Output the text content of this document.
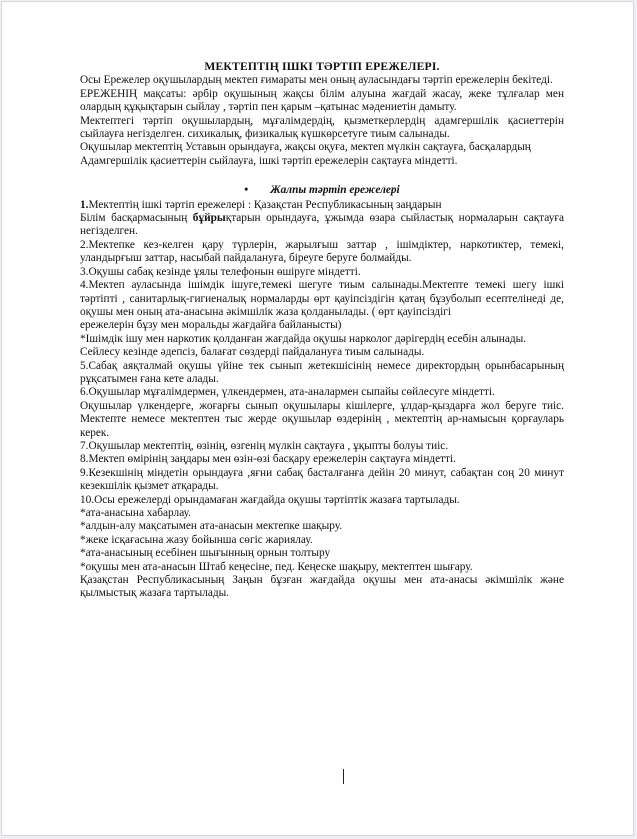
МЕКТЕПТІҢ ІШКІ ТӘРТІП ЕРЕЖЕЛЕРІ.

Осы Ережелер оқушылардың мектеп ғимараты мен оның ауласындағы тәртіп ережелерін бекітеді.

ЕРЕЖЕНІҢ мақсаты: әрбір оқушының жақсы білім алуына жағдай жасау, жеке тұлғалар мен олардың құқықтарын сыйлау , тәртіп пен қарым –қатынас мәдениетін дамыту.

Мектептегі тәртіп оқушылардың, мұғалімдердің, қызметкерлердің адамгершілік қасиеттерін сыйлауға негізделген. сихикалық, физикалық күшкөрсетуге тиым салынады.

Оқушылар мектептің Уставын орындауға, жақсы оқуға, мектеп мүлкін сақтауға, басқалардың

Адамгершілік қасиеттерін сыйлауға, ішкі тәртіп ережелерін сақтауға міндетті.

• Жалпы тәртіп ережелері

1.Мектептің ішкі тәртіп ережелері : Қазақстан Республикасының заңдарын

Білім басқармасының бұйрықтарын орындауға, ұжымда өзара сыйластық нормаларын сақтауға негізделген.

2.Мектепке кез-келген қару түрлерін, жарылғыш заттар , ішімдіктер, наркотиктер, темекі, уландырғыш заттар, насыбай пайдалануға, біреуге беруге болмайды.

3.Оқушы сабақ кезінде ұялы телефонын өшіруге міндетті.

4.Мектеп ауласында ішімдік ішуге,темекі шегуге тиым салынады.Мектепте темекі шегу ішкі тәртіпті , санитарлық-гигиеналық нормаларды өрт қауіпсіздігін қатаң бұзуболып есептелінеді де, оқушы мен оның ата-анасына әкімшілік жаза қолданылады. ( өрт қауіпсіздігі

ережелерін бұзу мен моральды жағдайға байланысты)

*Ішімдік ішу мен наркотик қолданған жағдайда оқушы нарколог дәрігердің есебін алынады.

Сейлесу кезінде әдепсіз, балағат сөздерді пайдалануға тиым салынады.

5.Сабақ аяқталмай оқушы үйіне тек сынып жетекшісінің немесе директордың орынбасарының рұқсатымен ғана кете алады.

6.Оқушылар мұғалімдермен, үлкендермен, ата-аналармен сыпайы сөйлесуге міндетті.

Оқушылар үлкендерге, жоғарғы сынып оқушылары кішілерге, ұлдар-қыздарға жол беруге тиіс. Мектепте немесе мектептен тыс жерде оқушылар өздерінің , мектептің ар-намысын қорғауларь керек.

7.Оқушылар мектептің, өзінің, өзгенің мүлкін сақтауға , ұқыпты болуы тиіс.

8.Мектеп өмірінің заңдары мен өзін-өзі басқару ережелерін сақтауға міндетті.

9.Кезекшінің міндетін орындауға ,яғни сабақ басталғанға дейін 20 минут, сабақтан соң 20 минут кезекшілік қызмет атқарады.

10.Осы ережелерді орындамаған жағдайда оқушы тәртіптік жазаға тартылады.

*ата-анасына хабарлау.

*алдын-алу мақсатымен ата-анасын мектепке шақыру.

*жеке ісқағасына жазу бойынша сөгіс жариялау.

*ата-анасының есебінен шығынның орнын толтыру

*оқушы мен ата-анасын Штаб кеңесіне, пед. Кеңеске шақыру, мектептен шығару.

Қазақстан Республикасының Заңын бұзған жағдайда оқушы мен ата-анасы әкімшілік және қылмыстық жазаға тартылады.
